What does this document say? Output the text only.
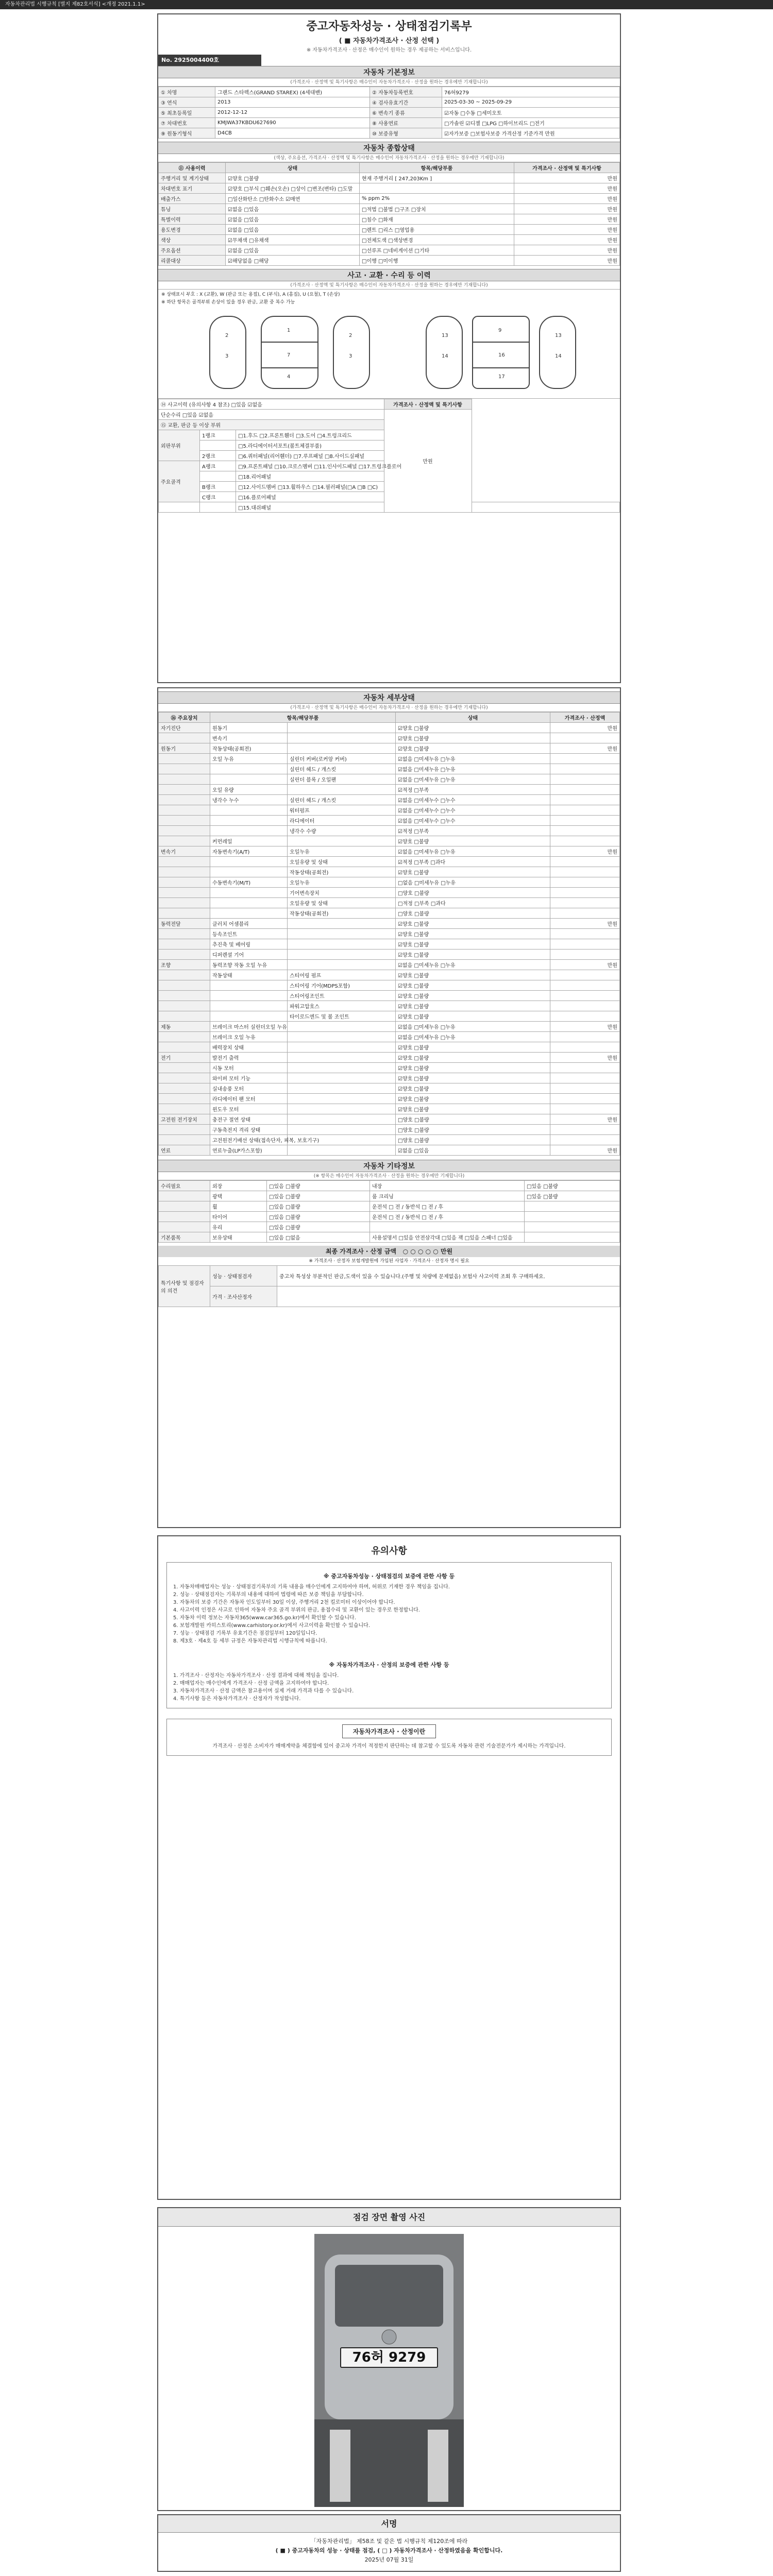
자동차관리법 시행규칙 [별지 제82호서식] <개정 2021.1.1>
중고자동차성능 · 상태점검기록부
( ■ 자동차가격조사 · 산정 선택 )
※ 자동차가격조사 · 산정은 매수인이 원하는 경우 제공하는 서비스입니다.
No. 2925004400호
자동차 기본정보
(가격조사 · 산정액 및 특기사항은 매수인이 자동차가격조사 · 산정을 원하는 경우에만 기재합니다)
① 차명	그랜드 스타렉스(GRAND STAREX) (4세대밴)	② 자동차등록번호	76허9279
③ 연식	2013	④ 검사유효기간	2025-03-30 ~ 2025-09-29
⑤ 최초등록일	2012-12-12	⑥ 변속기 종류	☑자동 □수동 □세미오토
⑦ 차대번호	KMJWA37KBDU627690	⑧ 사용연료	□가솔린 ☑디젤 □LPG □하이브리드 □전기
⑨ 원동기형식	D4CB	⑩ 보증유형	☑자가보증 □보험사보증 가격산정 기준가격 만원
자동차 종합상태
(색상, 주요옵션, 가격조사 · 산정액 및 특기사항은 매수인이 자동차가격조사 · 산정을 원하는 경우에만 기재합니다)
⑪ 사용이력	상태	항목/해당부품	가격조사 · 산정액 및 특기사항
주행거리 및 계기상태	☑양호 □불량	현재 주행거리 [ 247,203Km ]	만원
차대번호 표기	☑양호 □부식 □훼손(오손) □상이 □변조(변타) □도말		만원
배출가스	□일산화탄소 □탄화수소 ☑매연	% ppm 2%	만원
튜닝	☑없음 □있음	□적법 □불법 □구조 □장치	만원
특별이력	☑없음 □있음	□침수 □화재	만원
용도변경	☑없음 □있음	□렌트 □리스 □영업용	만원
색상	☑무채색 □유채색	□전체도색 □색상변경	만원
주요옵션	☑없음 □있음	□선루프 □네비게이션 □기타	만원
리콜대상	☑해당없음 □해당	□이행 □미이행	만원
사고 · 교환 · 수리 등 이력
(가격조사 · 산정액 및 특기사항은 매수인이 자동차가격조사 · 산정을 원하는 경우에만 기재합니다)
※ 상태표시 부호 : X (교환), W (판금 또는 용접), C (부식), A (흠집), U (요철), T (손상)
※ 하단 항목은 골격부위 손상이 있을 경우 판금, 교환 중 복수 가능
1
7
4
9
16
17
2
3
2
3
13
14
13
14
⑭ 사고이력 (유의사항 4 참조) □있음 ☑없음			가격조사 · 산정액 및 특기사항	
단순수리 □있음 ☑없음			만원	
⑮ 교환, 판금 등 이상 부위				
외판부위	1랭크	□1.후드 □2.프론트휀더 □3.도어 □4.트렁크리드		
		□5.라디에이터서포트(볼트체결부품)		
	2랭크	□6.쿼터패널(리어휀더) □7.루프패널 □8.사이드실패널		
주요골격	A랭크	□9.프론트패널 □10.크로스멤버 □11.인사이드패널 □17.트렁크플로어		
		□18.리어패널		
	B랭크	□12.사이드멤버 □13.휠하우스 □14.필러패널(□A □B □C)		
	C랭크	□16.플로어패널		
		□15.대쉬패널		
자동차 세부상태
(가격조사 · 산정액 및 특기사항은 매수인이 자동차가격조사 · 산정을 원하는 경우에만 기재합니다)
⑯ 주요장치	항목/해당부품		상태	가격조사 · 산정액
자기진단	원동기		☑양호 □불량	만원
	변속기		☑양호 □불량	
원동기	작동상태(공회전)		☑양호 □불량	만원
	오일 누유	실린더 커버(로커암 커버)	☑없음 □미세누유 □누유	
		실린더 헤드 / 개스킷	☑없음 □미세누유 □누유	
		실린더 블록 / 오일팬	☑없음 □미세누유 □누유	
	오일 유량		☑적정 □부족	
	냉각수 누수	실린더 헤드 / 개스킷	☑없음 □미세누수 □누수	
		워터펌프	☑없음 □미세누수 □누수	
		라디에이터	☑없음 □미세누수 □누수	
		냉각수 수량	☑적정 □부족	
	커먼레일		☑양호 □불량	
변속기	자동변속기(A/T)	오일누유	☑없음 □미세누유 □누유	만원
		오일유량 및 상태	☑적정 □부족 □과다	
		작동상태(공회전)	☑양호 □불량	
	수동변속기(M/T)	오일누유	□없음 □미세누유 □누유	
		기어변속장치	□양호 □불량	
		오일유량 및 상태	□적정 □부족 □과다	
		작동상태(공회전)	□양호 □불량	
동력전달	클러치 어셈블리		☑양호 □불량	만원
	등속조인트		☑양호 □불량	
	추진축 및 베어링		☑양호 □불량	
	디퍼렌셜 기어		☑양호 □불량	
조향	동력조향 작동 오일 누유		☑없음 □미세누유 □누유	만원
	작동상태	스티어링 펌프	☑양호 □불량	
		스티어링 기어(MDPS포함)	☑양호 □불량	
		스티어링조인트	☑양호 □불량	
		파워고압호스	☑양호 □불량	
		타이로드엔드 및 볼 조인트	☑양호 □불량	
제동	브레이크 마스터 실린더오일 누유		☑없음 □미세누유 □누유	만원
	브레이크 오일 누유		☑없음 □미세누유 □누유	
	배력장치 상태		☑양호 □불량	
전기	발전기 출력		☑양호 □불량	만원
	시동 모터		☑양호 □불량	
	와이퍼 모터 기능		☑양호 □불량	
	실내송풍 모터		☑양호 □불량	
	라디에이터 팬 모터		☑양호 □불량	
	윈도우 모터		☑양호 □불량	
고전원 전기장치	충전구 절연 상태		□양호 □불량	만원
	구동축전지 격리 상태		□양호 □불량	
	고전원전기배선 상태(접속단자, 피복, 보호기구)		□양호 □불량	
연료	연료누출(LP가스포함)		☑없음 □있음	만원
자동차 기타정보
(※ 항목은 매수인이 자동차가격조사 · 산정을 원하는 경우에만 기재합니다)
수리필요	외장	□있음 □불량	내장	□있음 □불량
	광택	□있음 □불량	룸 크리닝	□있음 □불량
	휠	□있음 □불량	운전석 □ 전 / 동반석 □ 전 / 후	
	타이어	□있음 □불량	운전석 □ 전 / 동반석 □ 전 / 후	
	유리	□있음 □불량		
기본품목	보유상태	□있음 □없음	사용설명서 □있음 안전삼각대 □있음 잭 □있음 스패너 □있음	
최종 가격조사 · 산정 금액 ○ ○ ○ ○ ○ 만원
※ 가격조사 · 산정자 보험개발원에 가입된 사업자 · 가격조사 · 산정자 명시 필요
특기사항 및 점검자의 의견	성능 · 상태점검자	중고차 특성상 부분적인 판금,도색이 있을 수 있습니다.(주행 및 차량에 문제없음) 보험사 사고이력 조회 후 구매하세요.
	가격 · 조사산정자	
유의사항
※ 중고자동차성능 · 상태점검의 보증에 관한 사항 등
1. 자동차매매업자는 성능 · 상태점검기록부의 기록 내용을 매수인에게 고지하여야 하며, 허위로 기재한 경우 책임을 집니다.
2. 성능 · 상태점검자는 기록부의 내용에 대하여 법령에 따른 보증 책임을 부담합니다.
3. 자동차의 보증 기간은 자동차 인도일부터 30일 이상, 주행거리 2천 킬로미터 이상이어야 합니다.
4. 사고이력 인정은 사고로 인하여 자동차 주요 골격 부위의 판금, 용접수리 및 교환이 있는 경우로 한정합니다.
5. 자동차 이력 정보는 자동차365(www.car365.go.kr)에서 확인할 수 있습니다.
6. 보험개발원 카히스토리(www.carhistory.or.kr)에서 사고이력을 확인할 수 있습니다.
7. 성능 · 상태점검 기록부 유효기간은 점검일부터 120일입니다.
8. 제3호 · 제4호 등 세부 규정은 자동차관리법 시행규칙에 따릅니다.
※ 자동차가격조사 · 산정의 보증에 관한 사항 등
1. 가격조사 · 산정자는 자동차가격조사 · 산정 결과에 대해 책임을 집니다.
2. 매매업자는 매수인에게 가격조사 · 산정 금액을 고지하여야 합니다.
3. 자동차가격조사 · 산정 금액은 참고용이며 실제 거래 가격과 다를 수 있습니다.
4. 특기사항 등은 자동차가격조사 · 산정자가 작성합니다.
자동차가격조사 · 산정이란
가격조사 · 산정은 소비자가 매매계약을 체결함에 있어 중고차 가격이 적정한지 판단하는 데 참고할 수 있도록 자동차 관련 기술전문가가 제시하는 가격입니다.
점검 장면 촬영 사진
76허 9279
서명
「자동차관리법」 제58조 및 같은 법 시행규칙 제120조에 따라
( ■ ) 중고자동차의 성능 · 상태를 점검, ( □ ) 자동차가격조사 · 산정하였음을 확인합니다.
2025년 07월 31일
